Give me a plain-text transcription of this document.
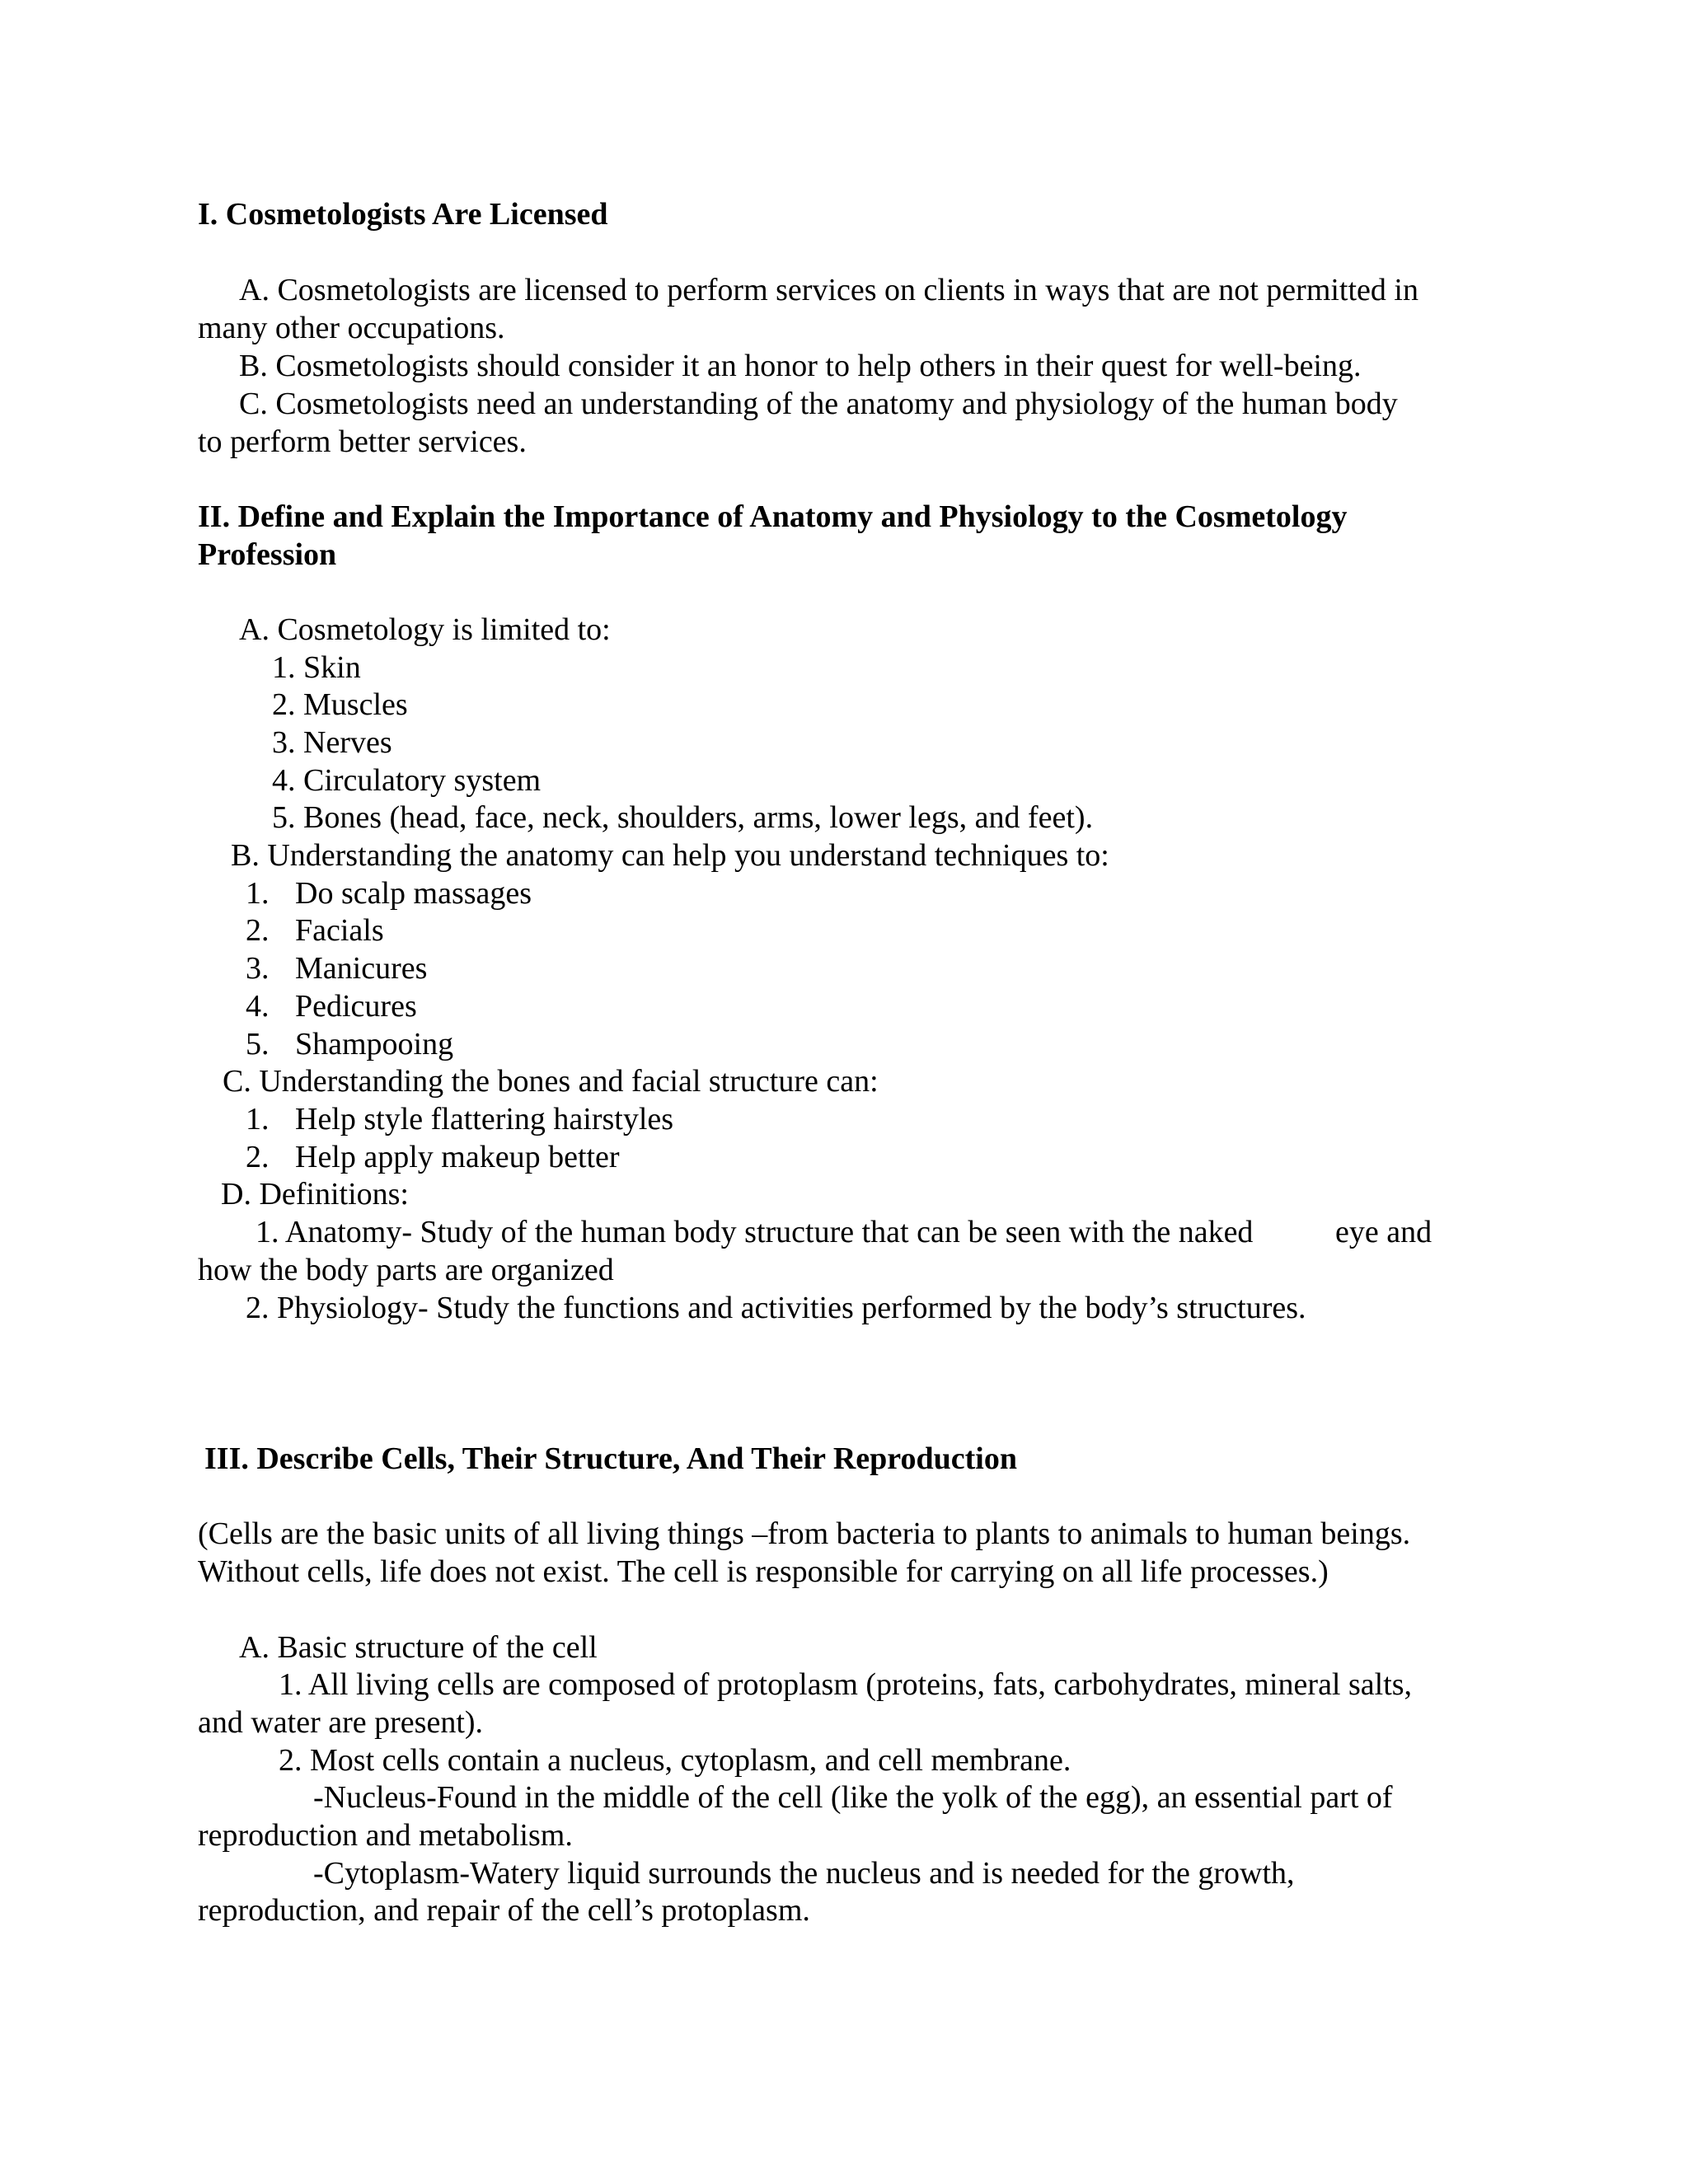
I. Cosmetologists Are Licensed
A. Cosmetologists are licensed to perform services on clients in ways that are not permitted in
many other occupations.
B. Cosmetologists should consider it an honor to help others in their quest for well-being.
C. Cosmetologists need an understanding of the anatomy and physiology of the human body
to perform better services.
II. Define and Explain the Importance of Anatomy and Physiology to the Cosmetology
Profession
A. Cosmetology is limited to:
1. Skin
2. Muscles
3. Nerves
4. Circulatory system
5. Bones (head, face, neck, shoulders, arms, lower legs, and feet).
B. Understanding the anatomy can help you understand techniques to:
1. Do scalp massages
2. Facials
3. Manicures
4. Pedicures
5. Shampooing
C. Understanding the bones and facial structure can:
1. Help style flattering hairstyles
2. Help apply makeup better
D. Definitions:
1. Anatomy- Study of the human body structure that can be seen with the naked	eye and
how the body parts are organized
2. Physiology- Study the functions and activities performed by the body’s structures.
III. Describe Cells, Their Structure, And Their Reproduction
(Cells are the basic units of all living things –from bacteria to plants to animals to human beings.
Without cells, life does not exist. The cell is responsible for carrying on all life processes.)
A. Basic structure of the cell
1. All living cells are composed of protoplasm (proteins, fats, carbohydrates, mineral salts,
and water are present).
2. Most cells contain a nucleus, cytoplasm, and cell membrane.
-Nucleus-Found in the middle of the cell (like the yolk of the egg), an essential part of
reproduction and metabolism.
-Cytoplasm-Watery liquid surrounds the nucleus and is needed for the growth,
reproduction, and repair of the cell’s protoplasm.
